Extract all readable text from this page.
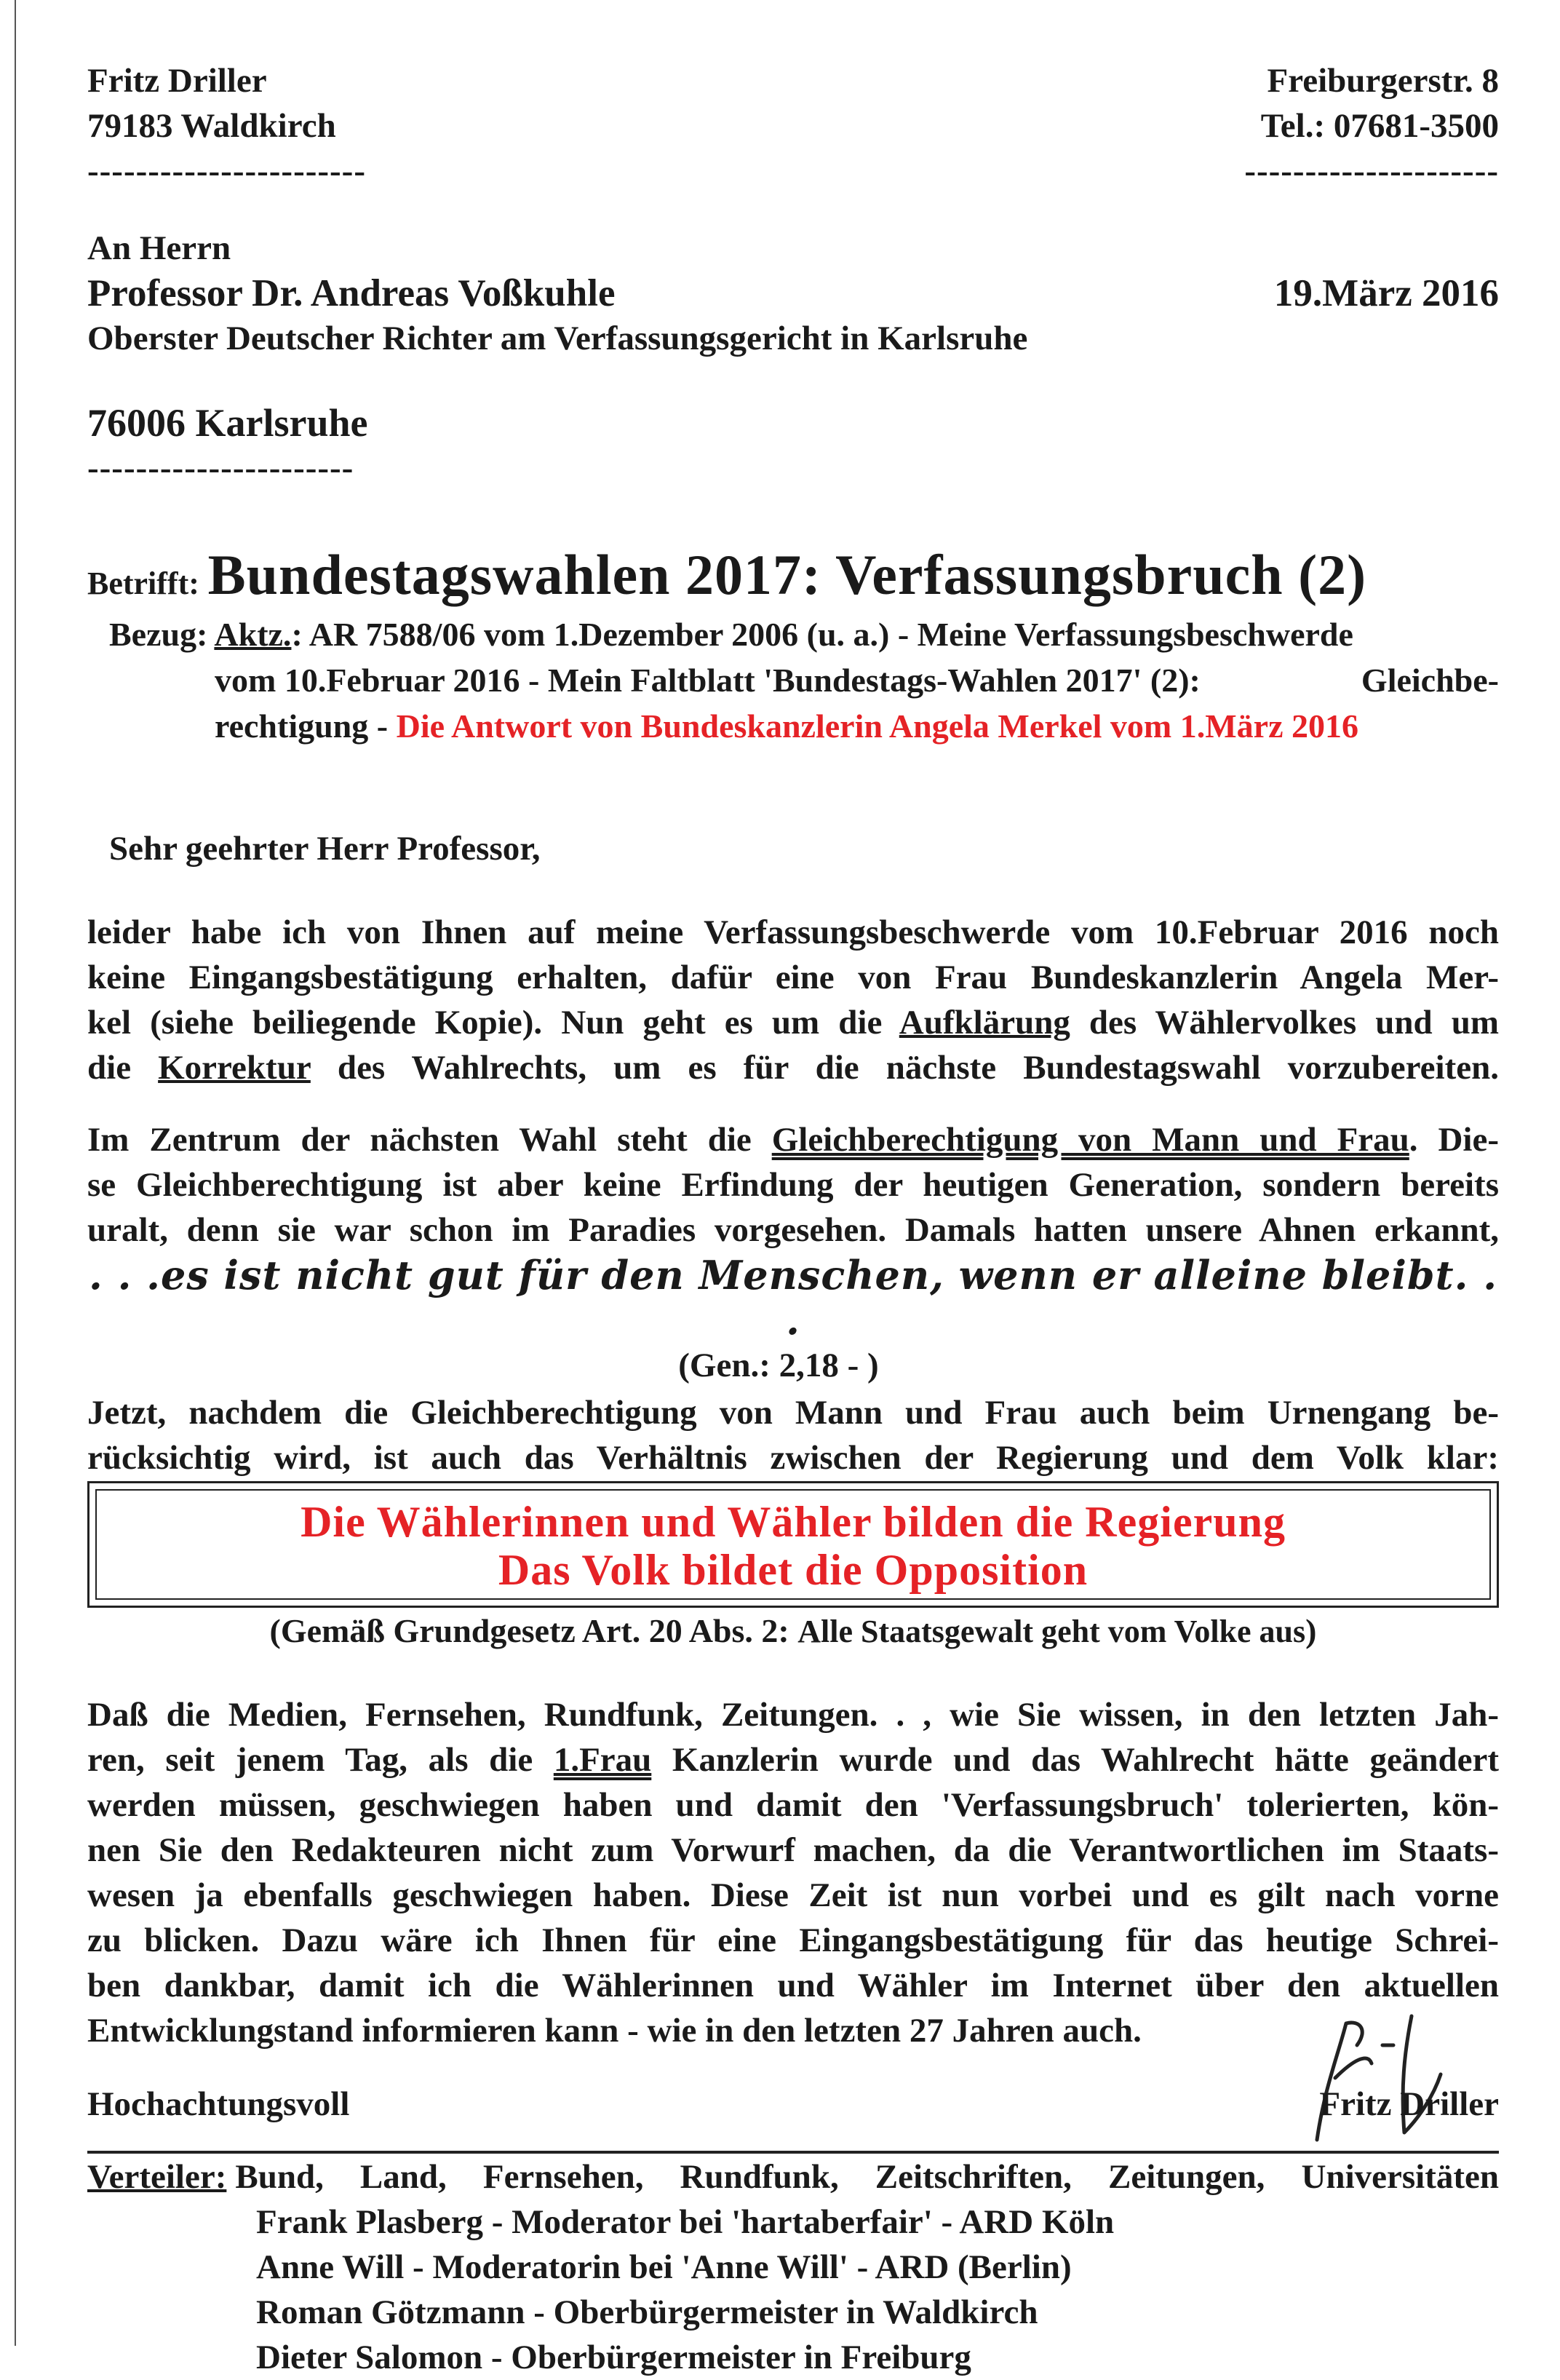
Fritz Driller
79183 Waldkirch
-----------------------
Freiburgerstr. 8
Tel.: 07681-3500
---------------------
An Herrn
Professor Dr. Andreas Voßkuhle
Oberster Deutscher Richter am Verfassungsgericht in Karlsruhe
19.März 2016
76006 Karlsruhe
----------------------
Betrifft: Bundestagswahlen 2017: Verfassungsbruch (2)
Bezug: Aktz.: AR 7588/06 vom 1.Dezember 2006 (u. a.) - Meine Verfassungsbeschwerde
vom 10.Februar 2016 - Mein Faltblatt 'Bundestags-Wahlen 2017' (2):	Gleichbe-
rechtigung - Die Antwort von Bundeskanzlerin Angela Merkel vom 1.März 2016
Sehr geehrter Herr Professor,

leider habe ich von Ihnen auf meine Verfassungsbeschwerde vom 10.Februar 2016 noch

keine Eingangsbestätigung erhalten, dafür eine von Frau Bundeskanzlerin Angela Mer-

kel (siehe beiliegende Kopie). Nun geht es um die Aufklärung des Wählervolkes und um

die Korrektur des Wahlrechts, um es für die nächste Bundestagswahl vorzubereiten.

Im Zentrum der nächsten Wahl steht die Gleichberechtigung von Mann und Frau. Die-

se Gleichberechtigung ist aber keine Erfindung der heutigen Generation, sondern bereits

uralt, denn sie war schon im Paradies vorgesehen. Damals hatten unsere Ahnen erkannt,

. . .es ist nicht gut für den Menschen, wenn er alleine bleibt. . .
(Gen.: 2,18 - )

Jetzt, nachdem die Gleichberechtigung von Mann und Frau auch beim Urnengang be-

rücksichtig wird, ist auch das Verhältnis zwischen der Regierung und dem Volk klar:

Die Wählerinnen und Wähler bilden die Regierung
Das Volk bildet die Opposition
(Gemäß Grundgesetz Art. 20 Abs. 2: Alle Staatsgewalt geht vom Volke aus)

Daß die Medien, Fernsehen, Rundfunk, Zeitungen. . , wie Sie wissen, in den letzten Jah-

ren, seit jenem Tag, als die 1.Frau Kanzlerin wurde und das Wahlrecht hätte geändert

werden müssen, geschwiegen haben und damit den 'Verfassungsbruch' tolerierten, kön-

nen Sie den Redakteuren nicht zum Vorwurf machen, da die Verantwortlichen im Staats-

wesen ja ebenfalls geschwiegen haben. Diese Zeit ist nun vorbei und es gilt nach vorne

zu blicken. Dazu wäre ich Ihnen für eine Eingangsbestätigung für das heutige Schrei-

ben dankbar, damit ich die Wählerinnen und Wähler im Internet über den aktuellen

Entwicklungstand informieren kann - wie in den letzten 27 Jahren auch.

Hochachtungsvoll	Fritz Driller
Verteiler: Bund, Land, Fernsehen, Rundfunk, Zeitschriften, Zeitungen, Universitäten
Frank Plasberg - Moderator bei 'hartaberfair' - ARD Köln
Anne Will - Moderatorin bei 'Anne Will' - ARD (Berlin)
Roman Götzmann - Oberbürgermeister in Waldkirch
Dieter Salomon - Oberbürgermeister in Freiburg
